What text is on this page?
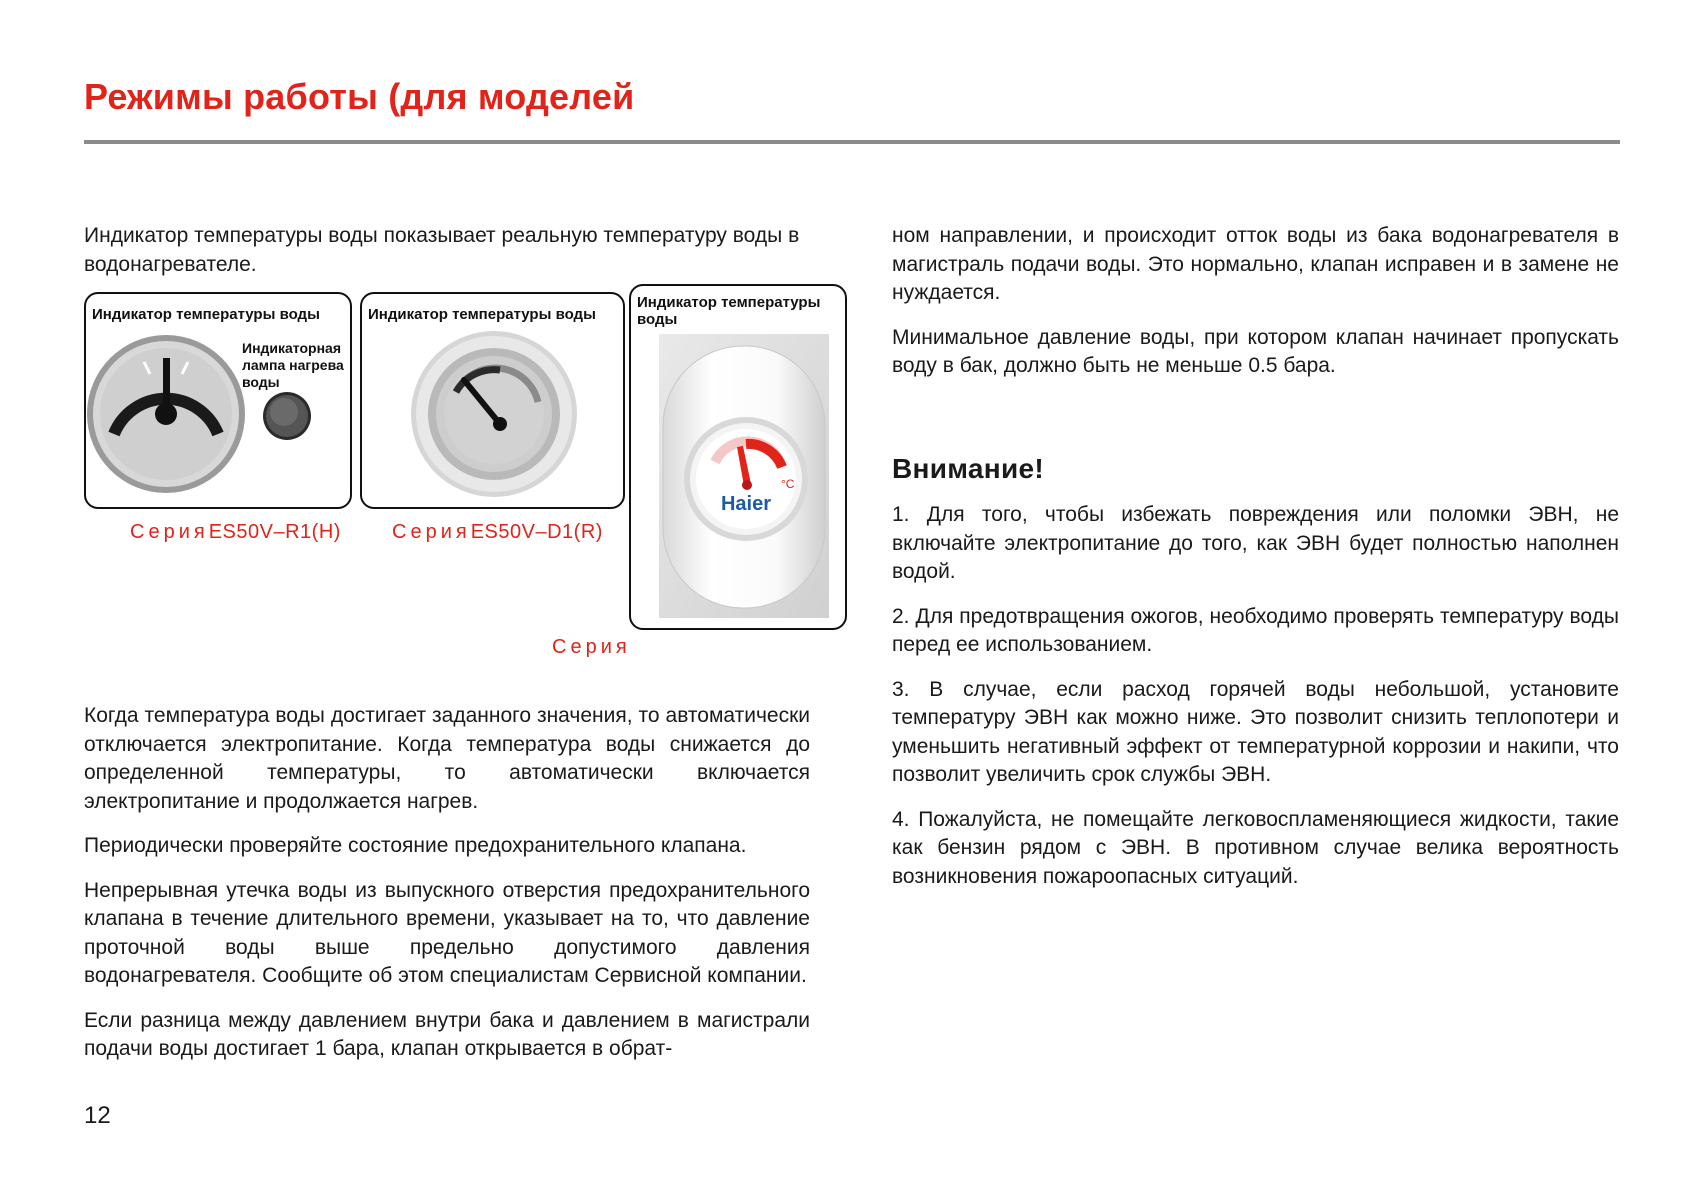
Режимы работы (для моделей

Индикатор температуры воды показывает реальную температуру воды в водонагревателе.

Индикатор температуры воды
Индикаторная лампа нагрева воды
СерияES50V–R1(H)
Индикатор температуры воды
СерияES50V–D1(R)
Индикатор температуры воды
°C
Haier
Серия

Когда температура воды достигает заданного значения, то автоматически отключается электропитание. Когда температура воды снижается до определенной температуры, то автоматически включается электропитание и продолжается нагрев.

Периодически проверяйте состояние предохранительного клапана.

Непрерывная утечка воды из выпускного отверстия предохранительного клапана в течение длительного времени, указывает на то, что давление проточной воды выше предельно допустимого давления водонагревателя. Сообщите об этом специалистам Сервисной компании.

Если разница между давлением внутри бака и давлением в магистрали подачи воды достигает 1 бара, клапан открывается в обрат-

ном направлении, и происходит отток воды из бака водонагревателя в магистраль подачи воды. Это нормально, клапан исправен и в замене не нуждается.

Минимальное давление воды, при котором клапан начинает пропускать воду в бак, должно быть не меньше 0.5 бара.

Внимание!

1. Для того, чтобы избежать повреждения или поломки ЭВН, не включайте электропитание до того, как ЭВН будет полностью наполнен водой.

2. Для предотвращения ожогов, необходимо проверять температуру воды перед ее использованием.

3. В случае, если расход горячей воды небольшой, установите температуру ЭВН как можно ниже. Это позволит снизить теплопотери и уменьшить негативный эффект от температурной коррозии и накипи, что позволит увеличить срок службы ЭВН.

4. Пожалуйста, не помещайте легковоспламеняющиеся жидкости, такие как бензин рядом с ЭВН. В противном случае велика вероятность возникновения пожароопасных ситуаций.

12
